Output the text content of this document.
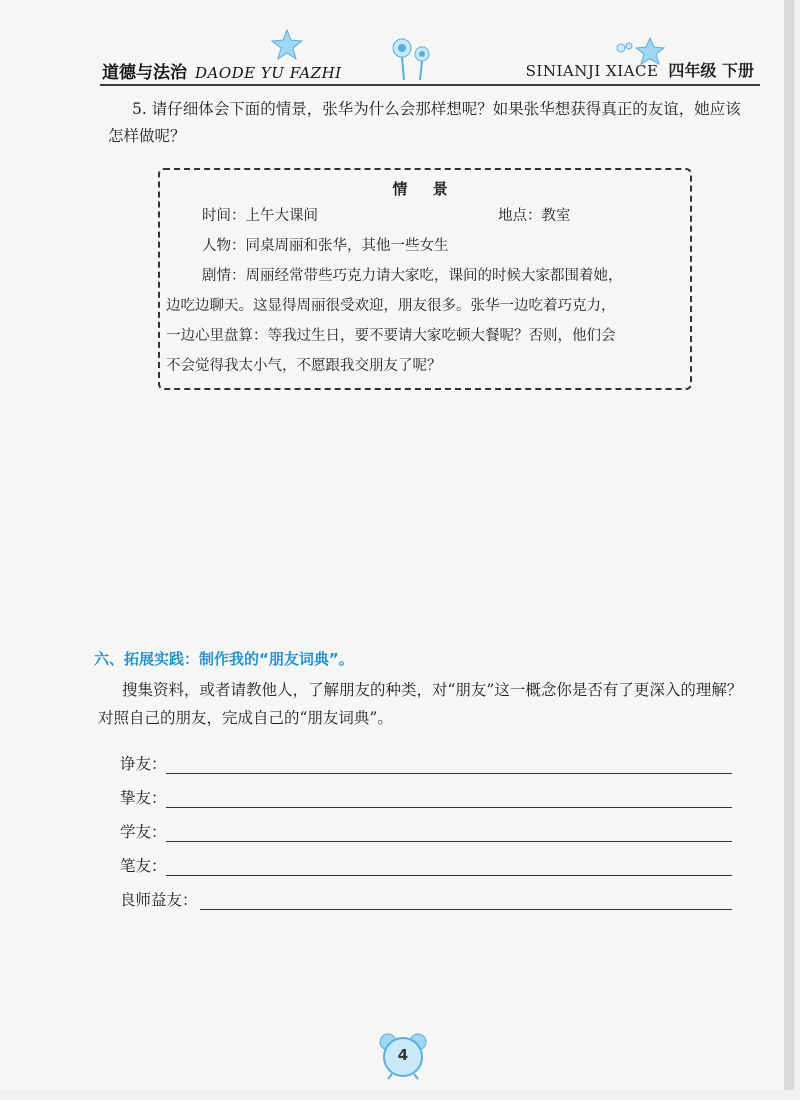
道德与法治 DAODE YU FAZHI	SINIANJI XIACE 四年级 下册
5. 请仔细体会下面的情景，张华为什么会那样想呢？如果张华想获得真正的友谊，她应该怎样做呢？
情 景
时间：上午大课间	地点：教室
人物：同桌周丽和张华，其他一些女生
剧情：周丽经常带些巧克力请大家吃，课间的时候大家都围着她，
边吃边聊天。这显得周丽很受欢迎，朋友很多。张华一边吃着巧克力，
一边心里盘算：等我过生日，要不要请大家吃顿大餐呢？否则，他们会
不会觉得我太小气，不愿跟我交朋友了呢？
六、拓展实践：制作我的“朋友词典”。
搜集资料，或者请教他人，了解朋友的种类，对“朋友”这一概念你是否有了更深入的理解？对照自己的朋友，完成自己的“朋友词典”。
诤友：
挚友：
学友：
笔友：
良师益友：
4
